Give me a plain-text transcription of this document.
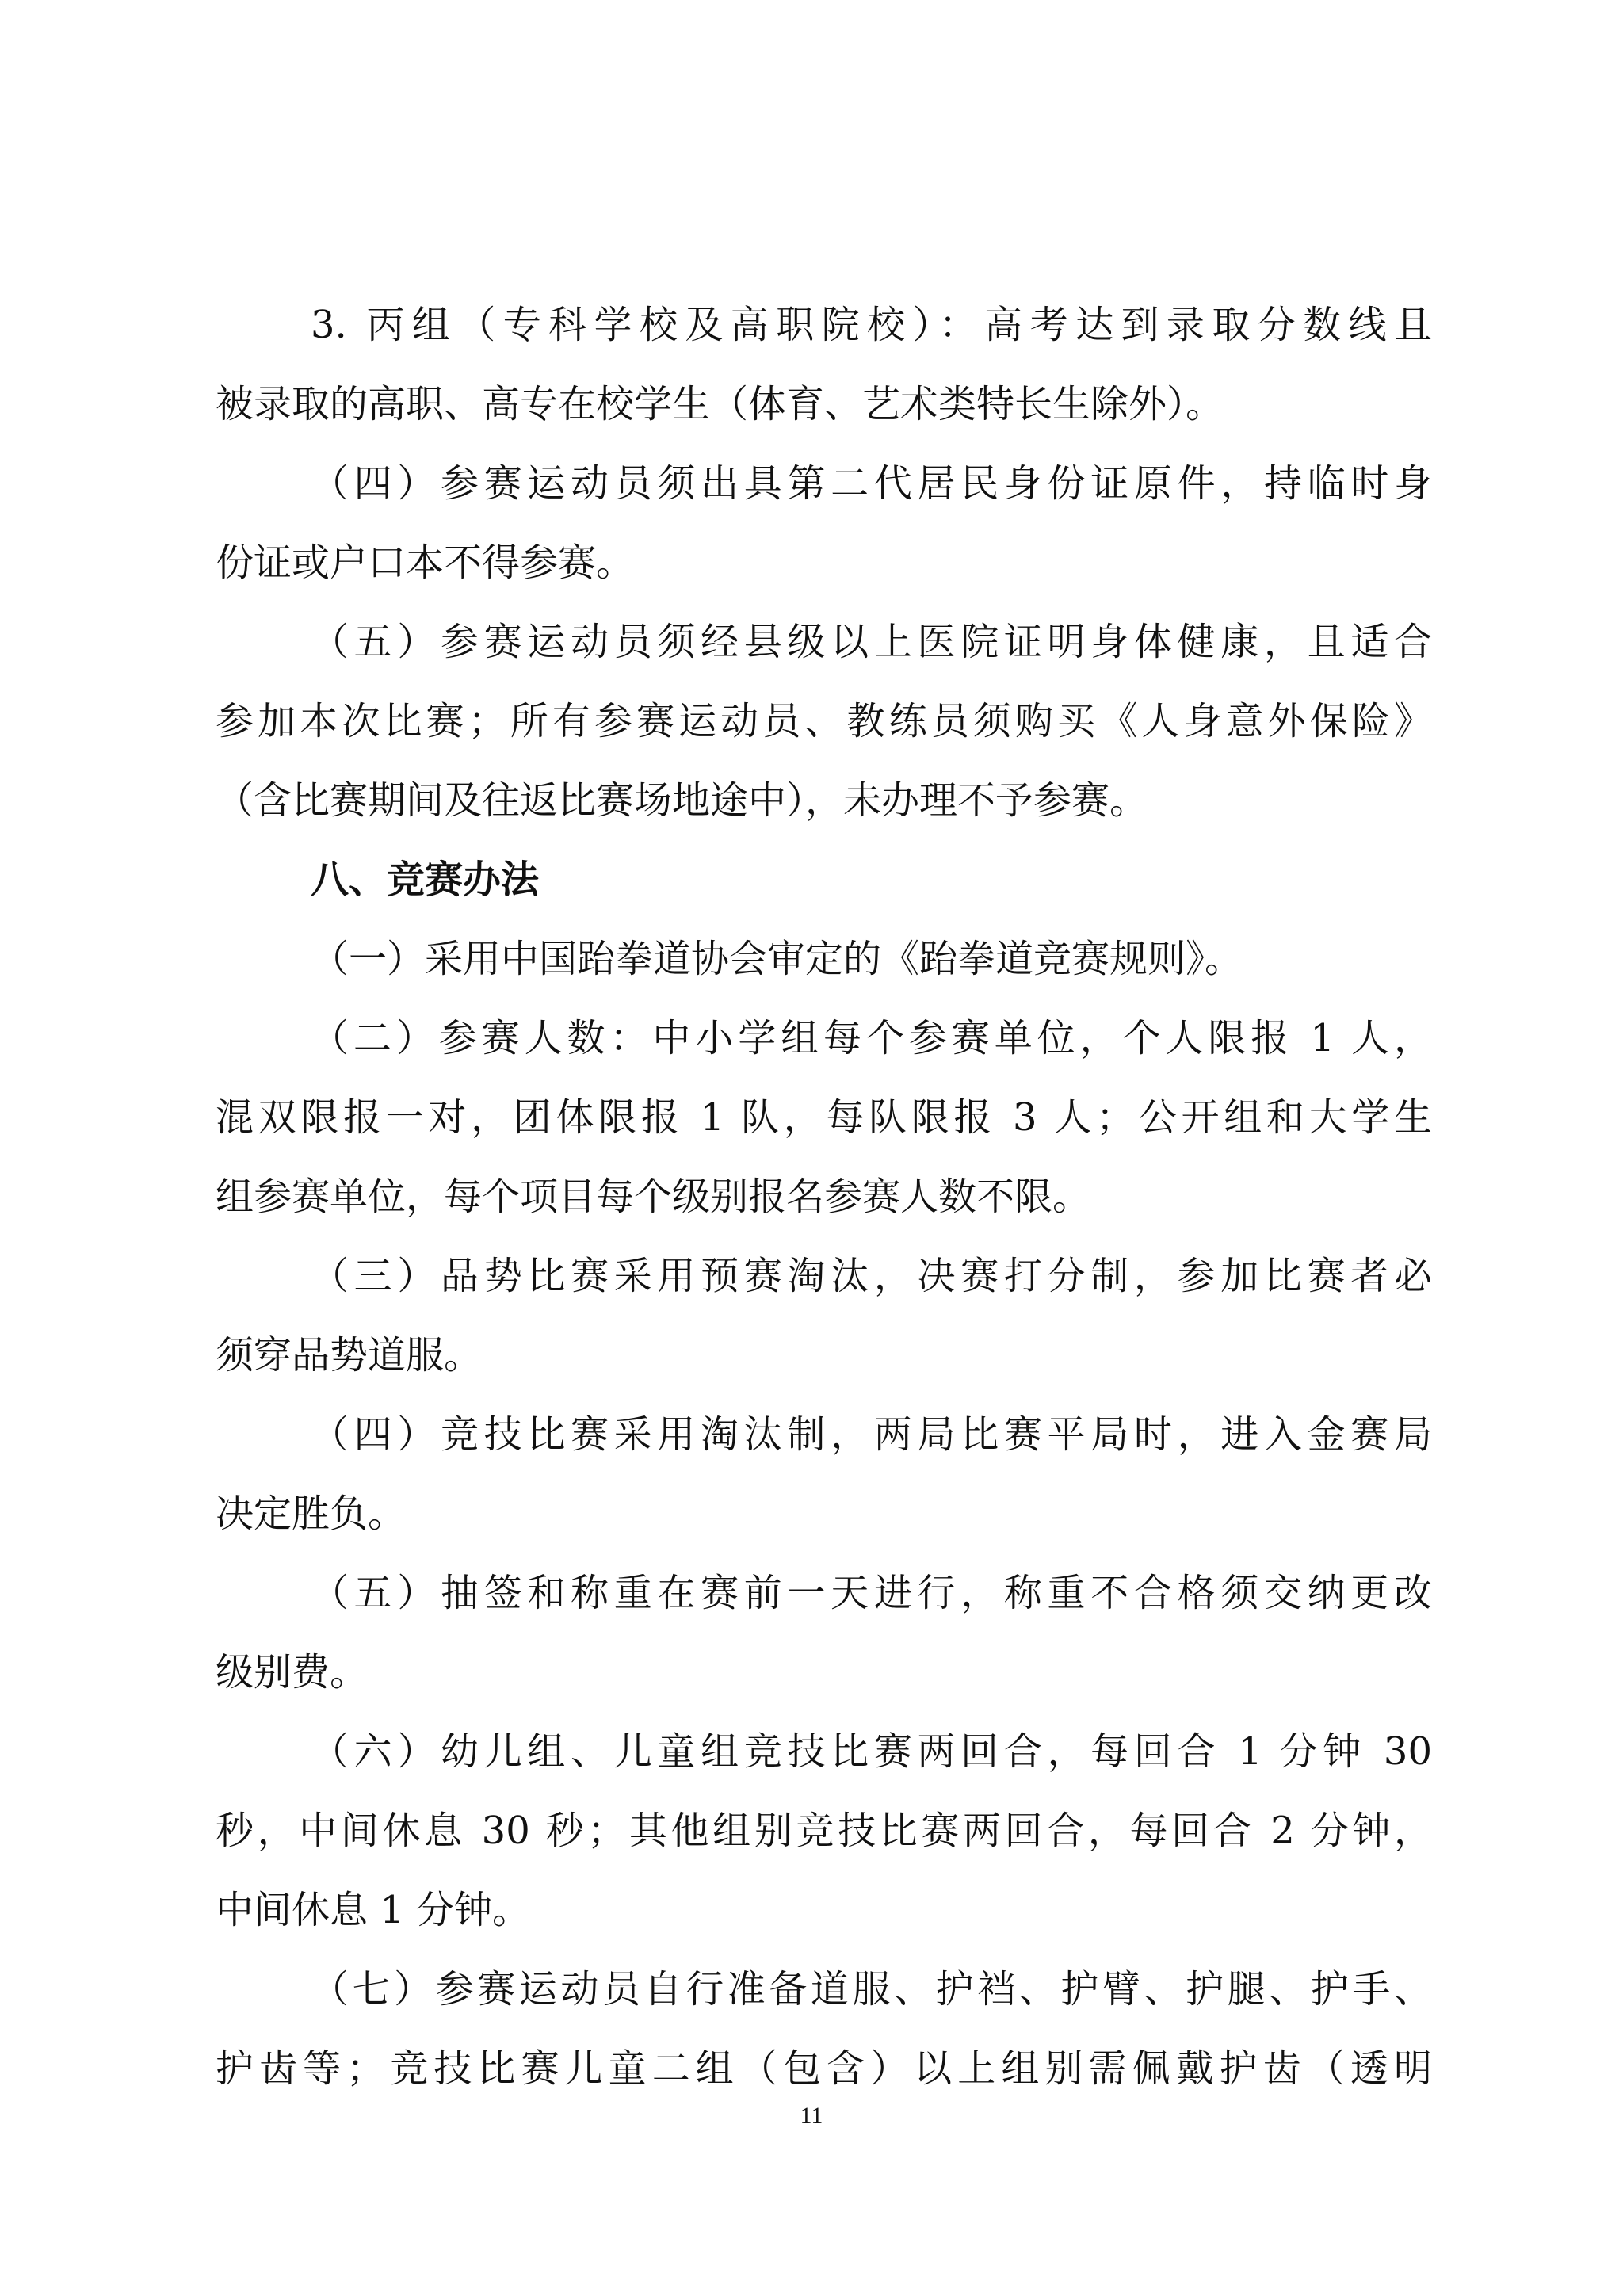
3. 丙组（专科学校及高职院校）：高考达到录取分数线且
被录取的高职、高专在校学生（体育、艺术类特长生除外）。
（四）参赛运动员须出具第二代居民身份证原件，持临时身
份证或户口本不得参赛。
（五）参赛运动员须经县级以上医院证明身体健康，且适合
参加本次比赛；所有参赛运动员、教练员须购买《人身意外保险》
（含比赛期间及往返比赛场地途中），未办理不予参赛。
八、竞赛办法
（一）采用中国跆拳道协会审定的《跆拳道竞赛规则》。
（二）参赛人数：中小学组每个参赛单位，个人限报 1 人，
混双限报一对，团体限报 1 队，每队限报 3 人；公开组和大学生
组参赛单位，每个项目每个级别报名参赛人数不限。
（三）品势比赛采用预赛淘汰，决赛打分制，参加比赛者必
须穿品势道服。
（四）竞技比赛采用淘汰制，两局比赛平局时，进入金赛局
决定胜负。
（五）抽签和称重在赛前一天进行，称重不合格须交纳更改
级别费。
（六）幼儿组、儿童组竞技比赛两回合，每回合 1 分钟 30
秒，中间休息 30 秒；其他组别竞技比赛两回合，每回合 2 分钟，
中间休息 1 分钟。
（七）参赛运动员自行准备道服、护裆、护臂、护腿、护手、
护齿等；竞技比赛儿童二组（包含）以上组别需佩戴护齿（透明
11
